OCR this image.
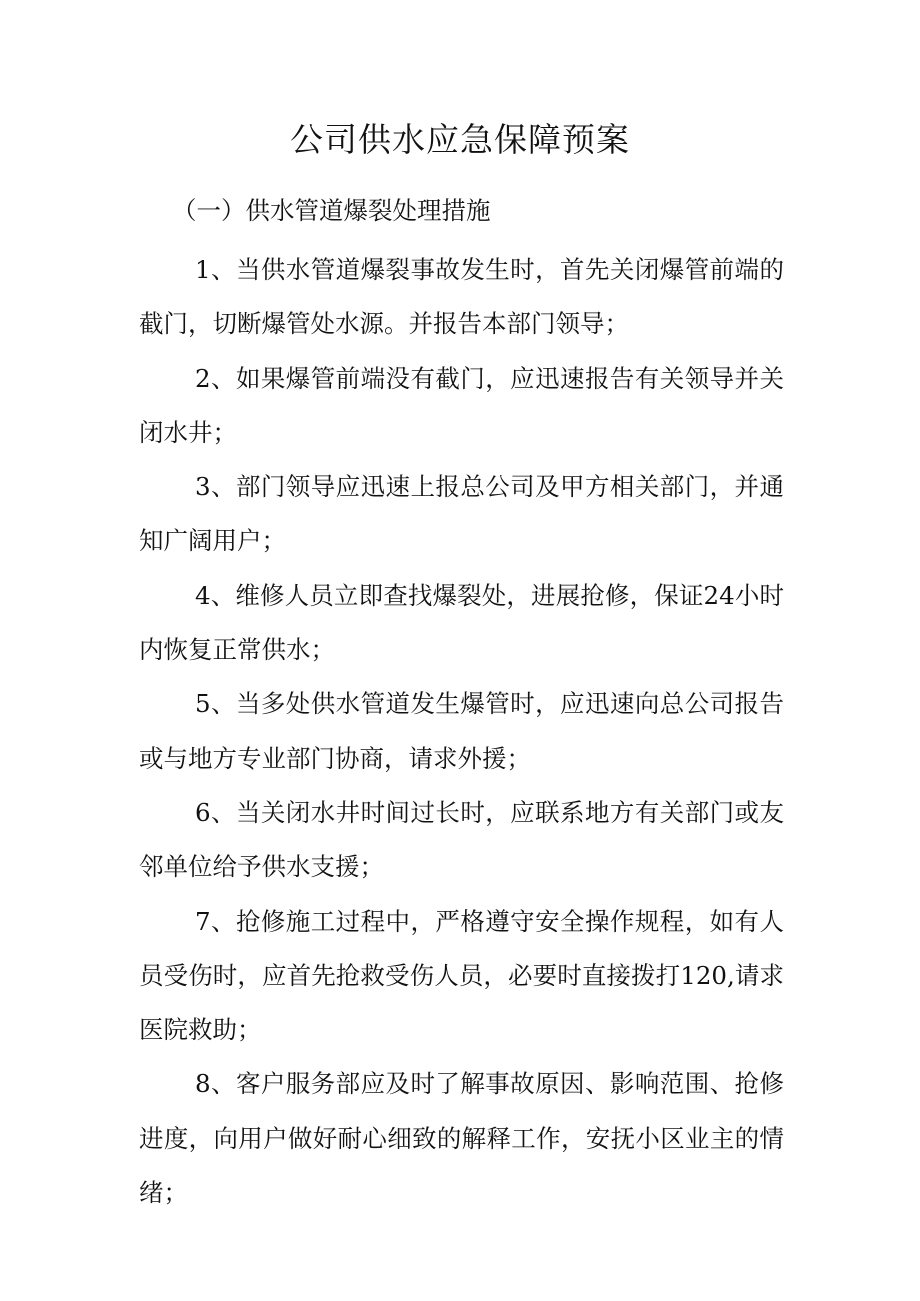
公司供水应急保障预案
（一）供水管道爆裂处理措施

1、当供水管道爆裂事故发生时，首先关闭爆管前端的截门，切断爆管处水源。并报告本部门领导；

2、如果爆管前端没有截门，应迅速报告有关领导并关闭水井；

3、部门领导应迅速上报总公司及甲方相关部门，并通知广阔用户；

4、维修人员立即查找爆裂处，进展抢修，保证24小时内恢复正常供水；

5、当多处供水管道发生爆管时，应迅速向总公司报告或与地方专业部门协商，请求外援；

6、当关闭水井时间过长时，应联系地方有关部门或友邻单位给予供水支援；

7、抢修施工过程中，严格遵守安全操作规程，如有人员受伤时，应首先抢救受伤人员，必要时直接拨打120,请求医院救助；

8、客户服务部应及时了解事故原因、影响范围、抢修进度，向用户做好耐心细致的解释工作，安抚小区业主的情绪；
